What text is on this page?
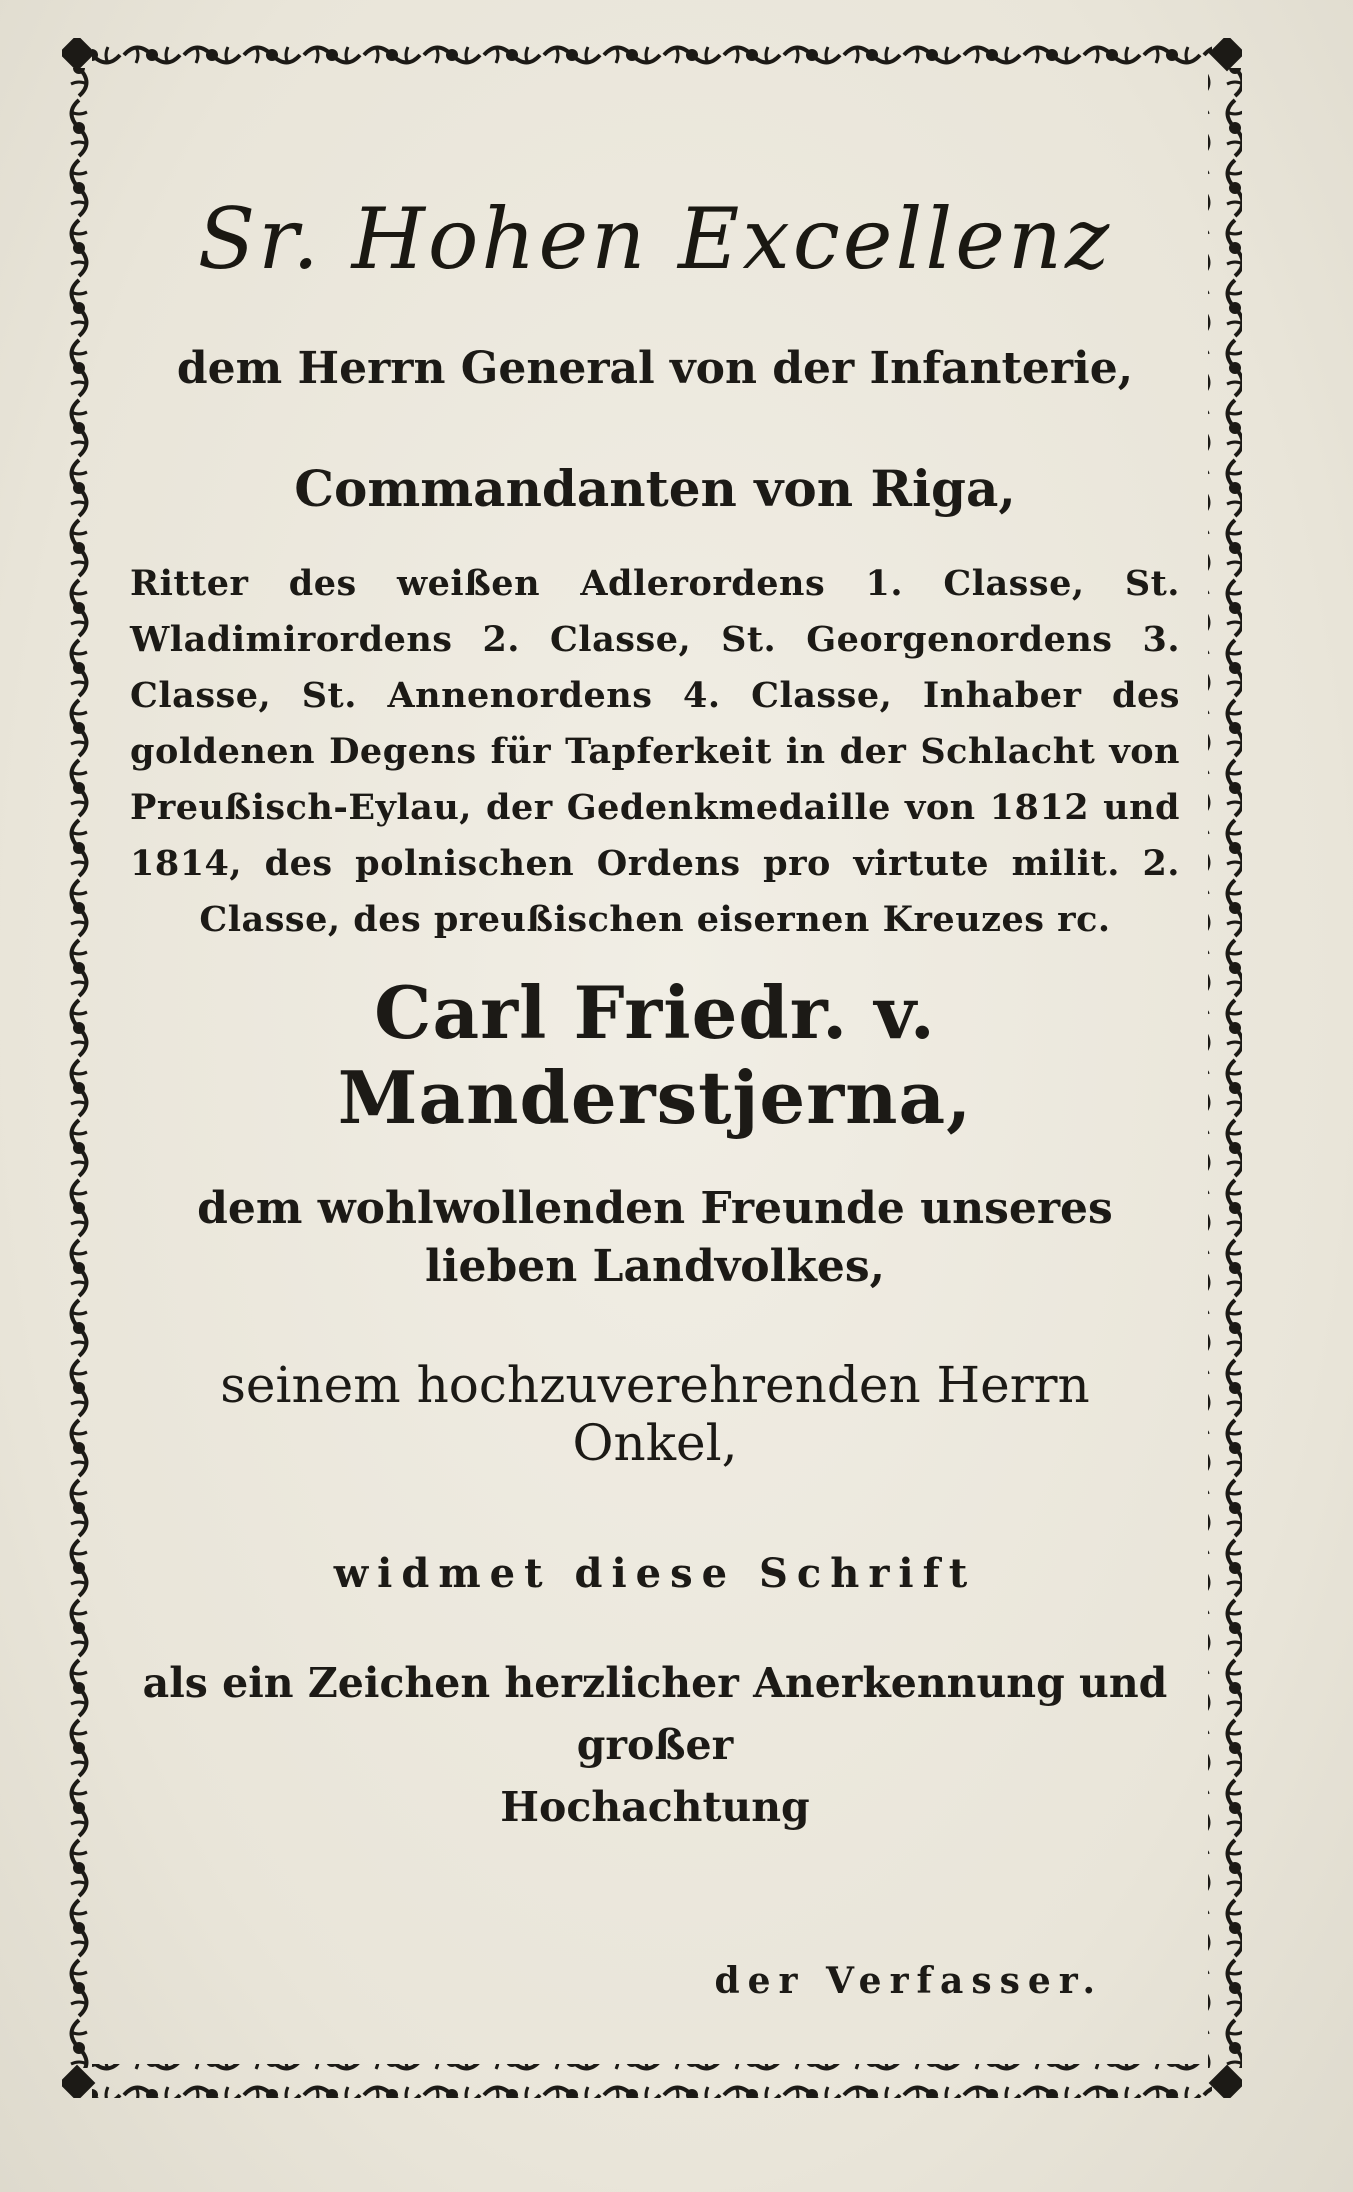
Sr. Hohen Excellenz

dem Herrn General von der Infanterie,

Commandanten von Riga,

Ritter des weißen Adlerordens 1. Classe, St. Wladimirordens 2. Classe, St. Georgenordens 3. Classe, St. Annenordens 4. Classe, Inhaber des goldenen Degens für Tapferkeit in der Schlacht von Preußisch-Eylau, der Gedenkmedaille von 1812 und 1814, des polnischen Ordens pro virtute milit. 2. Classe, des preußischen eisernen Kreuzes rc.

Carl Friedr. v. Manderstjerna,

dem wohlwollenden Freunde unseres
lieben Landvolkes,

seinem hochzuverehrenden Herrn Onkel,

widmet diese Schrift

als ein Zeichen herzlicher Anerkennung und großer
Hochachtung

der Verfasser.
